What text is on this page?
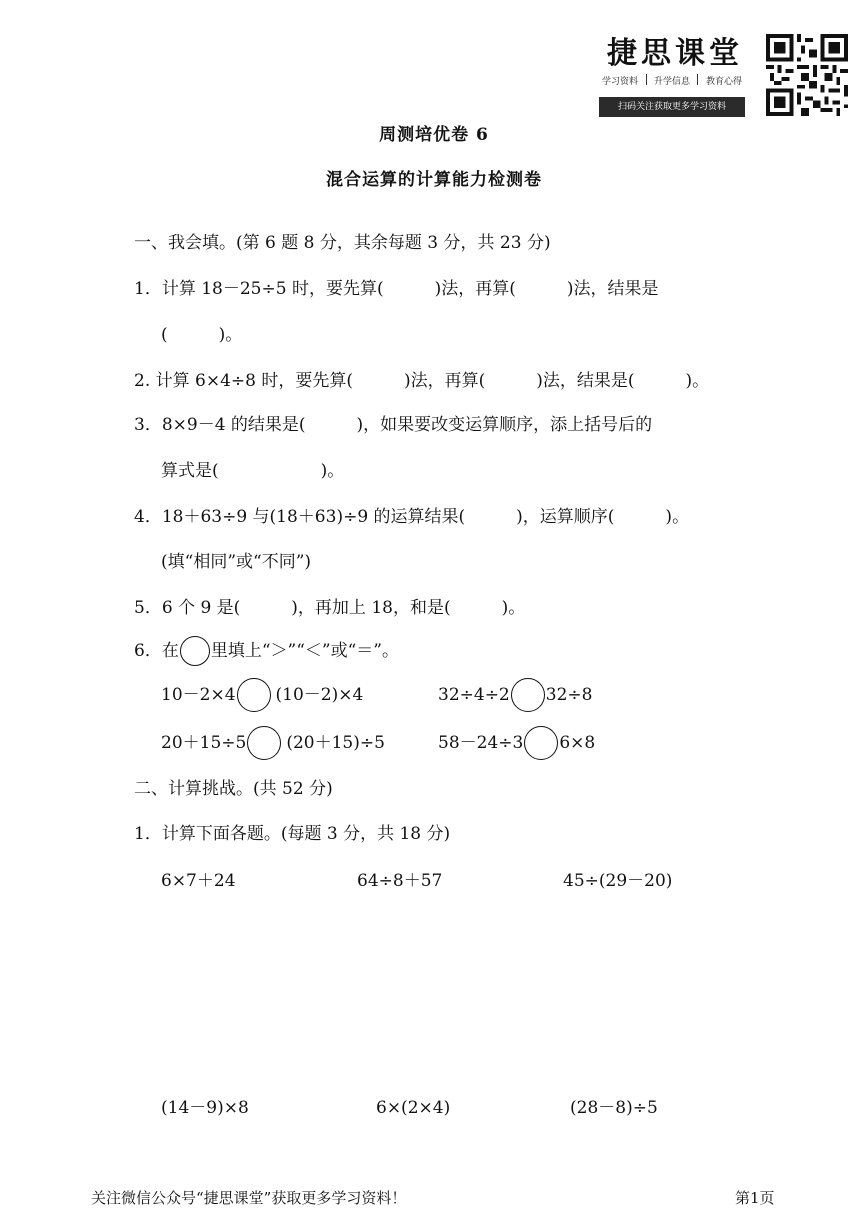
捷思课堂
学习资料	升学信息	教育心得
扫码关注获取更多学习资料
周测培优卷 6
混合运算的计算能力检测卷
一、我会填。(第 6 题 8 分，其余每题 3 分，共 23 分)
1．计算 18－25÷5 时，要先算(　　　)法，再算(　　　)法，结果是
(　　　)。
2. 计算 6×4÷8 时，要先算(　　　)法，再算(　　　)法，结果是(　　　)。
3．8×9－4 的结果是(　　　)，如果要改变运算顺序，添上括号后的
算式是(　　　　　　)。
4．18＋63÷9 与(18＋63)÷9 的运算结果(　　　)，运算顺序(　　　)。
(填“相同”或“不同”)
5．6 个 9 是(　　　)，再加上 18，和是(　　　)。
6．在 里填上“＞”“＜”或“＝”。
10－2×4 (10－2)×4	32÷4÷2 32÷8
20＋15÷5 (20＋15)÷5	58－24÷3 6×8
二、计算挑战。(共 52 分)
1．计算下面各题。(每题 3 分，共 18 分)
6×7＋24	64÷8＋57	45÷(29－20)
(14－9)×8	6×(2×4)	(28－8)÷5
关注微信公众号“捷思课堂”获取更多学习资料！	第1页
